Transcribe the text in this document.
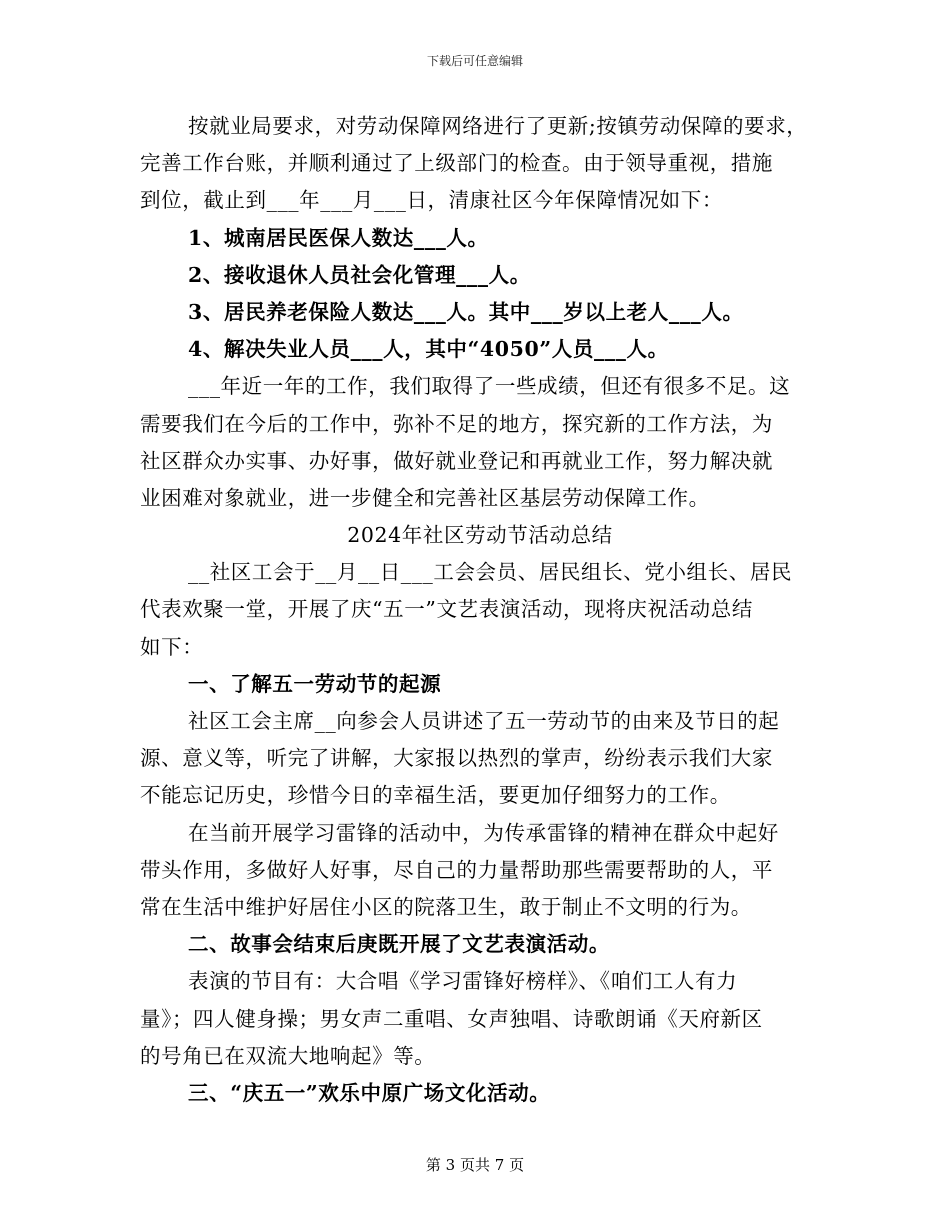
下载后可任意编辑
按就业局要求，对劳动保障网络进行了更新;按镇劳动保障的要求，
完善工作台账，并顺利通过了上级部门的检查。由于领导重视，措施
到位，截止到___年___月___日，清康社区今年保障情况如下：
1、城南居民医保人数达___人。
2、接收退休人员社会化管理___人。
3、居民养老保险人数达___人。其中___岁以上老人___人。
4、解决失业人员___人，其中“4050”人员___人。
___年近一年的工作，我们取得了一些成绩，但还有很多不足。这
需要我们在今后的工作中，弥补不足的地方，探究新的工作方法，为
社区群众办实事、办好事，做好就业登记和再就业工作，努力解决就
业困难对象就业，进一步健全和完善社区基层劳动保障工作。
2024年社区劳动节活动总结
__社区工会于__月__日___工会会员、居民组长、党小组长、居民
代表欢聚一堂，开展了庆“五一”文艺表演活动，现将庆祝活动总结
如下：
一、了解五一劳动节的起源
社区工会主席__向参会人员讲述了五一劳动节的由来及节日的起
源、意义等，听完了讲解，大家报以热烈的掌声，纷纷表示我们大家
不能忘记历史，珍惜今日的幸福生活，要更加仔细努力的工作。
在当前开展学习雷锋的活动中，为传承雷锋的精神在群众中起好
带头作用，多做好人好事，尽自己的力量帮助那些需要帮助的人，平
常在生活中维护好居住小区的院落卫生，敢于制止不文明的行为。
二、故事会结束后庚既开展了文艺表演活动。
表演的节目有：大合唱《学习雷锋好榜样》、《咱们工人有力
量》；四人健身操；男女声二重唱、女声独唱、诗歌朗诵《天府新区
的号角已在双流大地响起》等。
三、“庆五一”欢乐中原广场文化活动。
第 3 页共 7 页
